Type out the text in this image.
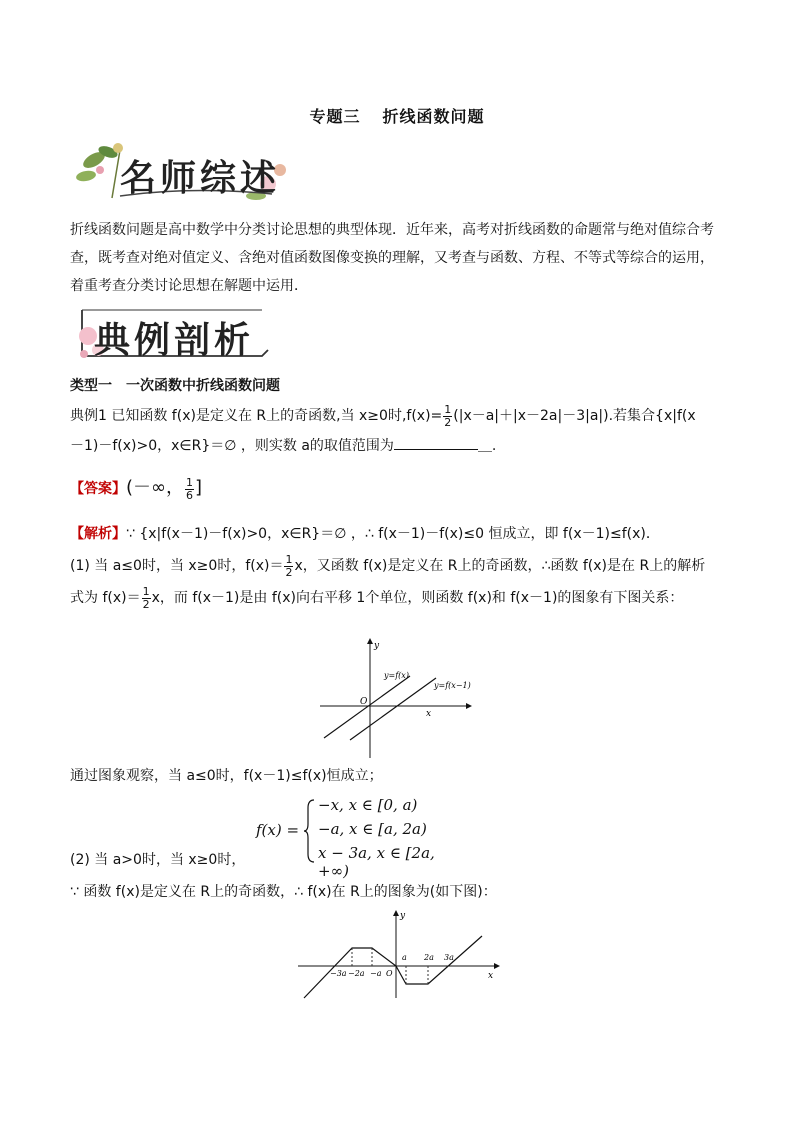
专题三 折线函数问题
名师综述
折线函数问题是高中数学中分类讨论思想的典型体现．近年来，高考对折线函数的命题常与绝对值综合考
查，既考查对绝对值定义、含绝对值函数图像变换的理解，又考查与函数、方程、不等式等综合的运用，
着重考查分类讨论思想在解题中运用．
典例剖析
类型一　一次函数中折线函数问题
典例1 已知函数 f(x)是定义在 R上的奇函数,当 x≥0时$,f(x)= \frac{1}{2} (|x-a|+|x-2a|-3|a|)$.若集合{x|f(x
－1)－f(x)>0，x∈R}＝∅ ，则实数 a的取值范围为	＿.
【答案】(－∞， $\frac{1}{6}$ ]
【解析】∵ {x|f(x－1)－f(x)>0，x∈R}＝∅ ，∴ f(x－1)－f(x)≤0 恒成立，即 f(x－1)≤f(x)．
(1) 当 a≤0时，当 x≥0时，$f(x)= \frac{1}{2}$ x，又函数 f(x)是定义在 R上的奇函数，∴函数 f(x)是在 R上的解析
式为 $f(x)= \frac{1}{2}$ x，而 f(x－1)是由 f(x)向右平移 1个单位，则函数 f(x)和 f(x－1)的图象有下图关系：
y
x
O
y=f(x)
y=f(x−1)
通过图象观察，当 a≤0时，f(x－1)≤f(x)恒成立；
f(x) =
−x, x ∈ [0, a)
−a, x ∈ [a, 2a)
x − 3a, x ∈ [2a, +∞)
(2) 当 a>0时，当 x≥0时，
∵ 函数 f(x)是定义在 R上的奇函数，∴ f(x)在 R上的图象为(如下图)：
y
x
O
−3a −2a −a
a 2a 3a
